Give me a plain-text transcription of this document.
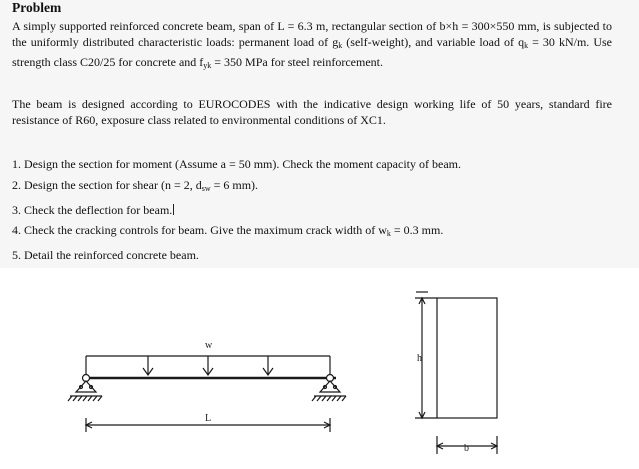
Problem

A simply supported reinforced concrete beam, span of L = 6.3 m, rectangular section of b×h = 300×550 mm, is subjected to the uniformly distributed characteristic loads: permanent load of $g_k$ (self-weight), and variable load of $q_k = 30$ kN/m. Use strength class C20/25 for concrete and $f_{yk} = 350$ MPa for steel reinforcement.

The beam is designed according to EUROCODES with the indicative design working life of 50 years, standard fire resistance of R60, exposure class related to environmental conditions of XC1.

1. Design the section for moment (Assume a = 50 mm). Check the moment capacity of beam.
2. Design the section for shear (n = 2, $d_{sw} = 6$ mm).
3. Check the deflection for beam.
4. Check the cracking controls for beam. Give the maximum crack width of $w_k = 0.3$ mm.
5. Detail the reinforced concrete beam.
w
L
h
b
